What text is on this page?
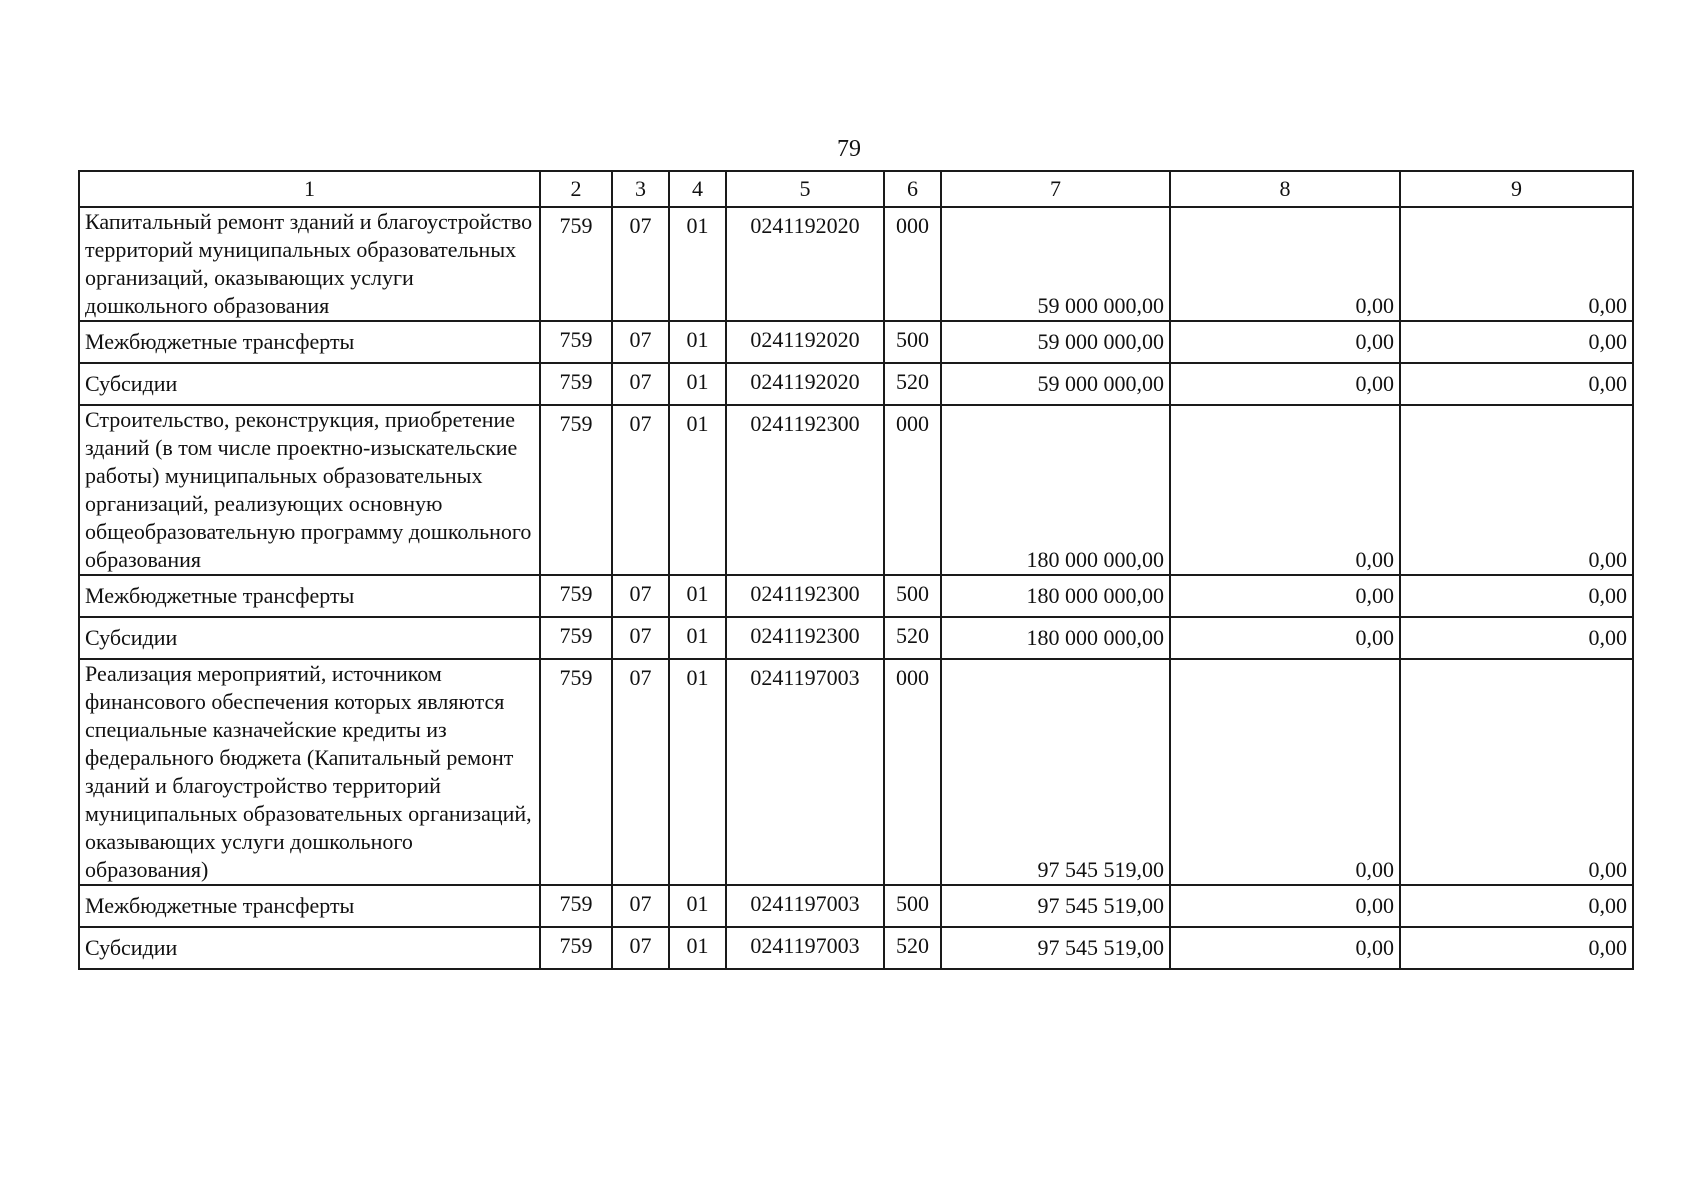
79
1	2	3	4	5	6	7	8	9
Капитальный ремонт зданий и благоустройство территорий муниципальных образовательных организаций, оказывающих услуги дошкольного образования	759	07	01	0241192020	000	59 000 000,00	0,00	0,00
Межбюджетные трансферты	759	07	01	0241192020	500	59 000 000,00	0,00	0,00
Субсидии	759	07	01	0241192020	520	59 000 000,00	0,00	0,00
Строительство, реконструкция, приобретение зданий (в том числе проектно-изыскательские работы) муниципальных образовательных организаций, реализующих основную общеобразовательную программу дошкольного образования	759	07	01	0241192300	000	180 000 000,00	0,00	0,00
Межбюджетные трансферты	759	07	01	0241192300	500	180 000 000,00	0,00	0,00
Субсидии	759	07	01	0241192300	520	180 000 000,00	0,00	0,00
Реализация мероприятий, источником финансового обеспечения которых являются специальные казначейские кредиты из федерального бюджета (Капитальный ремонт зданий и благоустройство территорий муниципальных образовательных организаций, оказывающих услуги дошкольного образования)	759	07	01	0241197003	000	97 545 519,00	0,00	0,00
Межбюджетные трансферты	759	07	01	0241197003	500	97 545 519,00	0,00	0,00
Субсидии	759	07	01	0241197003	520	97 545 519,00	0,00	0,00
